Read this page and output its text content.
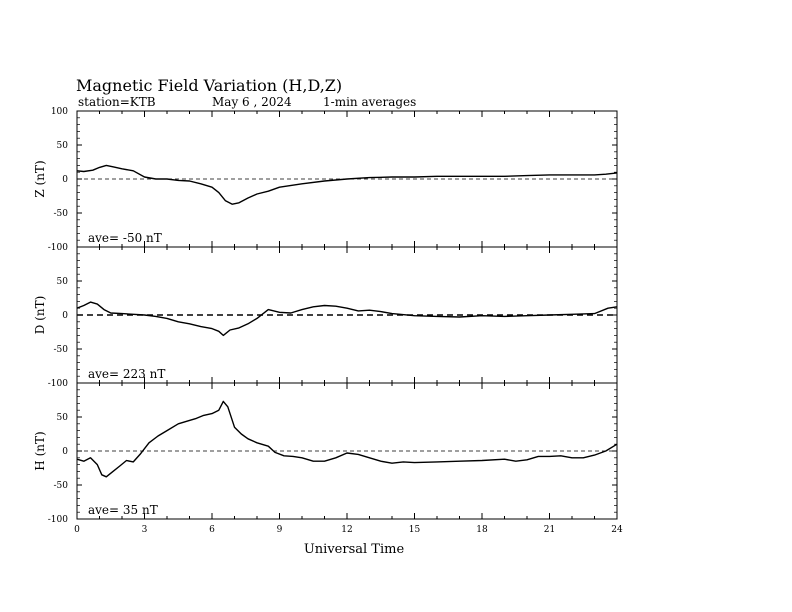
Magnetic Field Variation (H,D,Z)
station=KTB	May 6 , 2024	1-min averages
-100
-50
0
50
100
Z (nT)
ave= -50 nT
-100
-50
0
50
D (nT)
ave= 223 nT
-100
-50
0
50
H (nT)
ave= 35 nT
0	3	6	9	12	15	18	21	24
Universal Time
